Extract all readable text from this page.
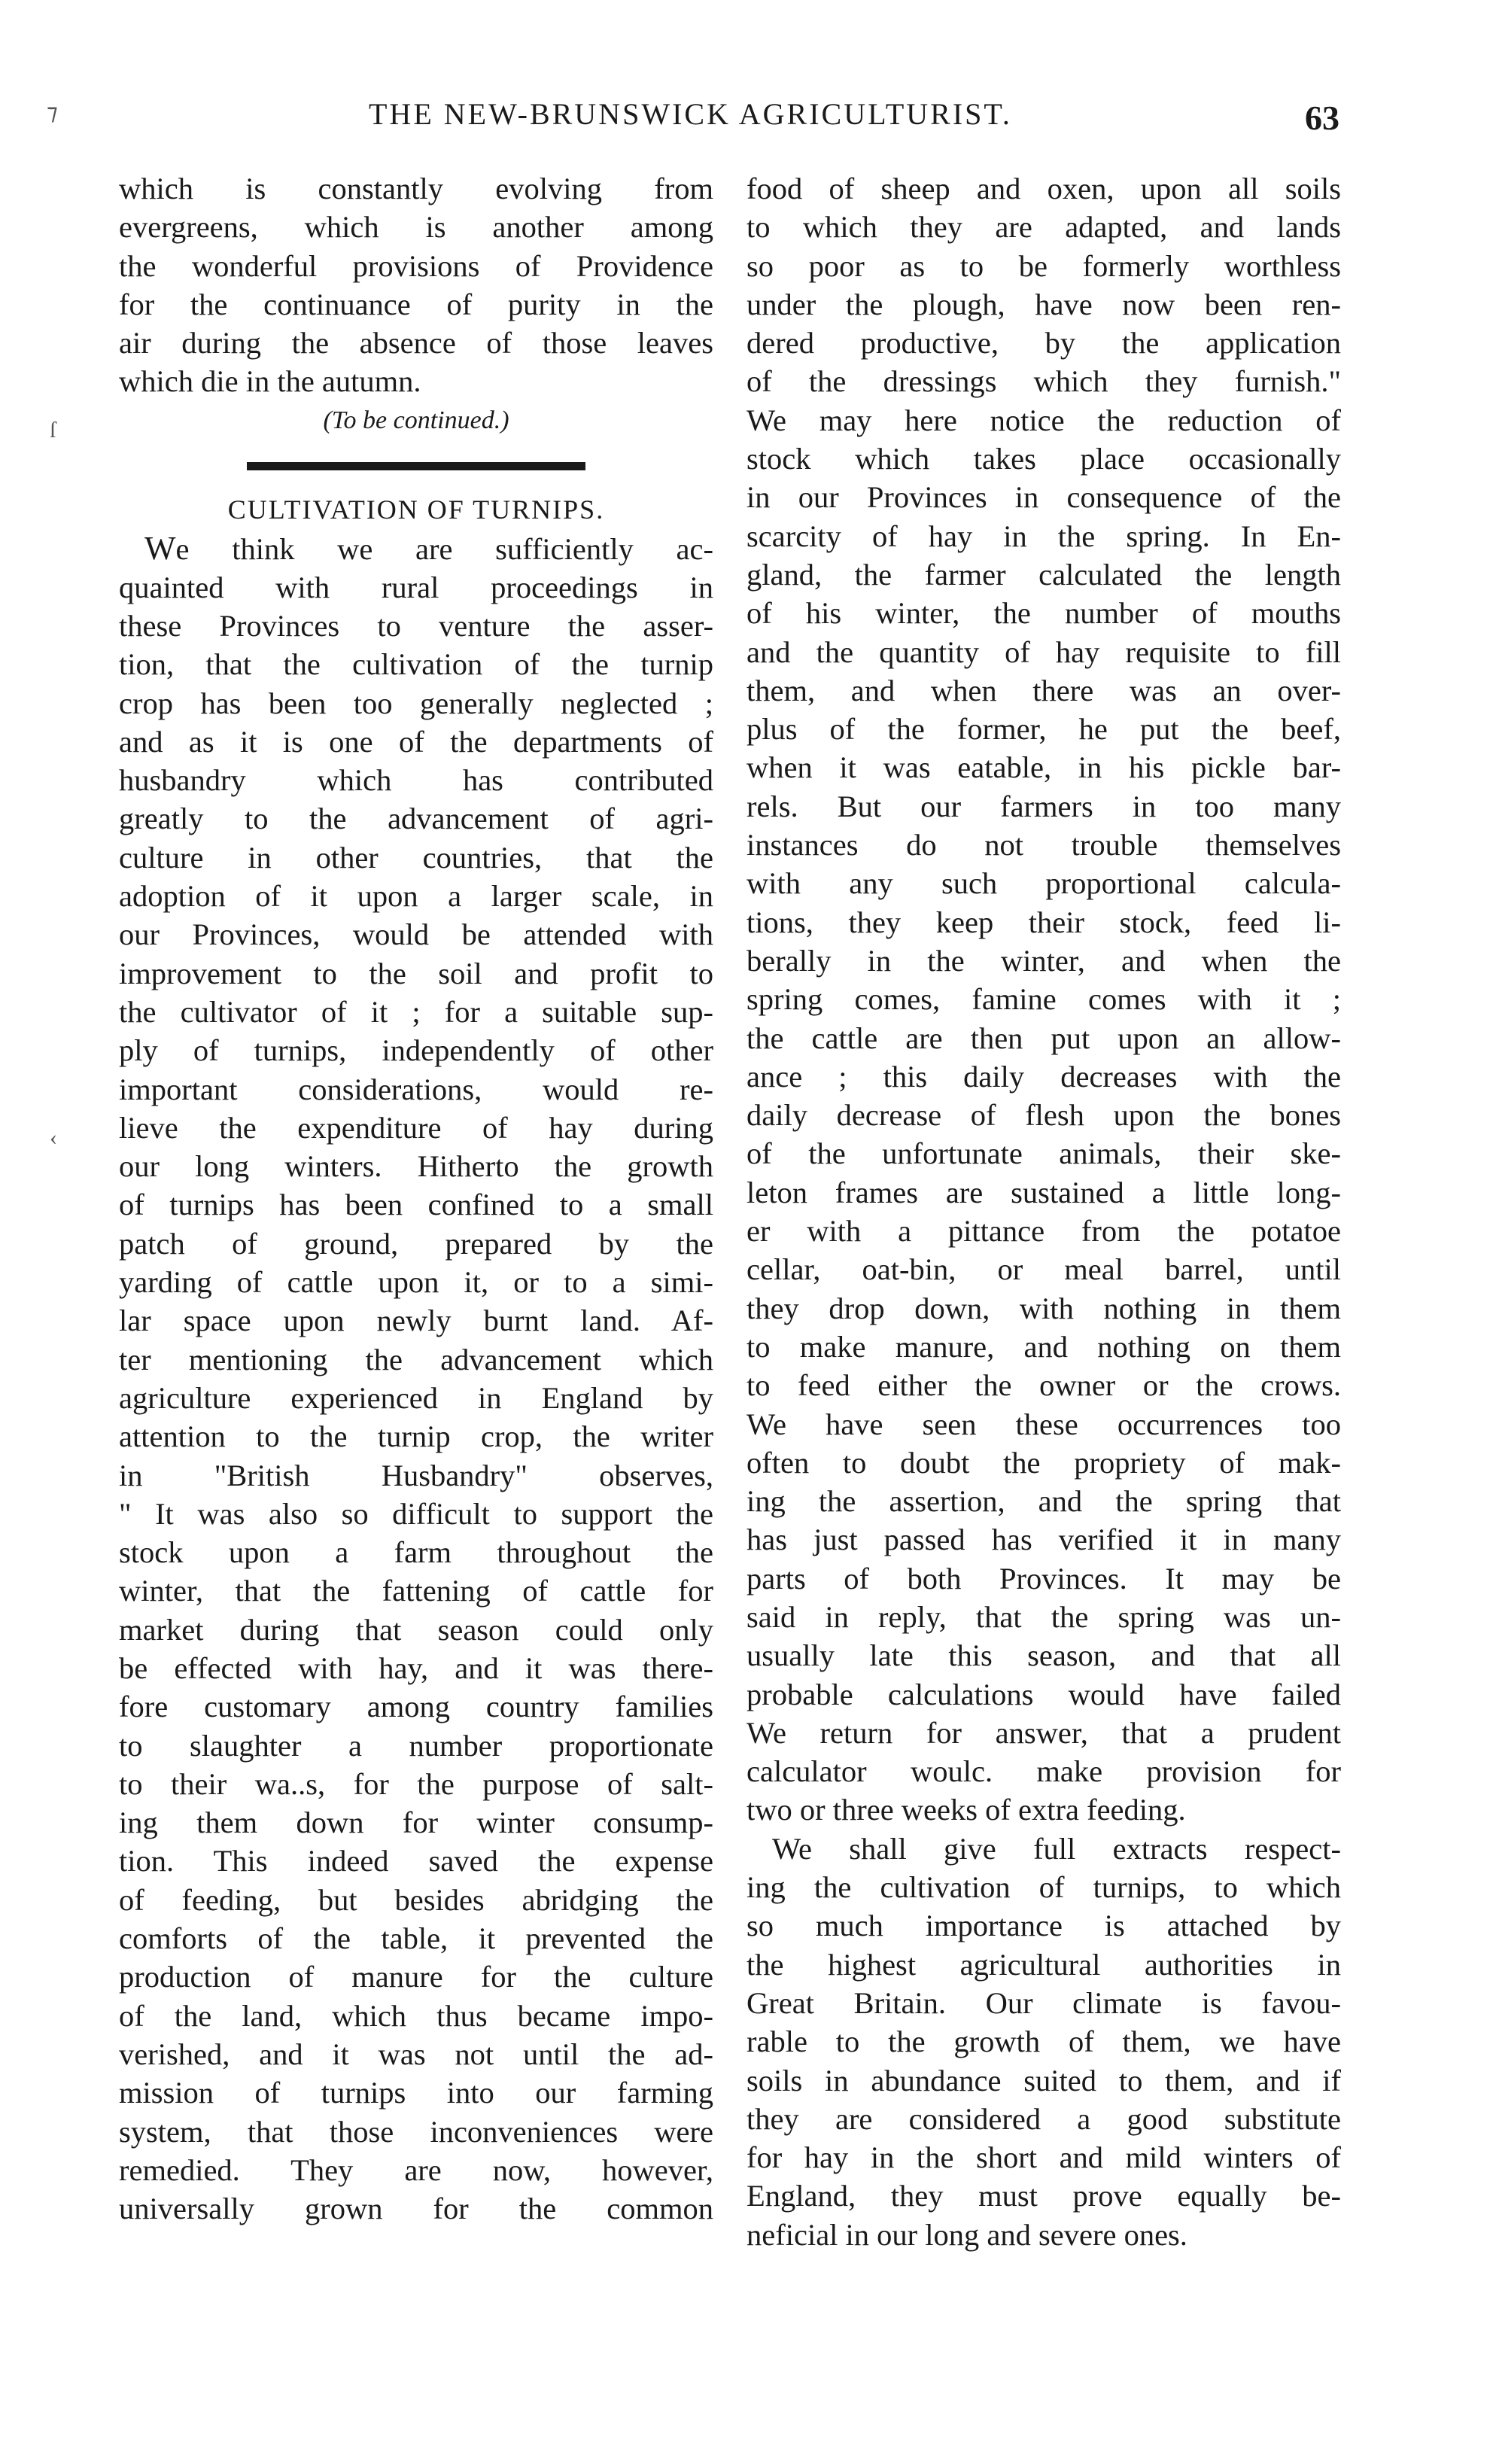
THE NEW-BRUNSWICK AGRICULTURIST.	63
⁊
ſ
‹
which is constantly evolving from
evergreens, which is another among
the wonderful provisions of Providence
for the continuance of purity in the
air during the absence of those leaves
which die in the autumn.
(To be continued.)
CULTIVATION OF TURNIPS.
We think we are sufficiently ac-
quainted with rural proceedings in
these Provinces to venture the asser-
tion, that the cultivation of the turnip
crop has been too generally neglected ;
and as it is one of the departments of
husbandry which has contributed
greatly to the advancement of agri-
culture in other countries, that the
adoption of it upon a larger scale, in
our Provinces, would be attended with
improvement to the soil and profit to
the cultivator of it ; for a suitable sup-
ply of turnips, independently of other
important considerations, would re-
lieve the expenditure of hay during
our long winters. Hitherto the growth
of turnips has been confined to a small
patch of ground, prepared by the
yarding of cattle upon it, or to a simi-
lar space upon newly burnt land. Af-
ter mentioning the advancement which
agriculture experienced in England by
attention to the turnip crop, the writer
in "British Husbandry" observes,
" It was also so difficult to support the
stock upon a farm throughout the
winter, that the fattening of cattle for
market during that season could only
be effected with hay, and it was there-
fore customary among country families
to slaughter a number proportionate
to their wa..s, for the purpose of salt-
ing them down for winter consump-
tion. This indeed saved the expense
of feeding, but besides abridging the
comforts of the table, it prevented the
production of manure for the culture
of the land, which thus became impo-
verished, and it was not until the ad-
mission of turnips into our farming
system, that those inconveniences were
remedied. They are now, however,
universally grown for the common
food of sheep and oxen, upon all soils
to which they are adapted, and lands
so poor as to be formerly worthless
under the plough, have now been ren-
dered productive, by the application
of the dressings which they furnish."
We may here notice the reduction of
stock which takes place occasionally
in our Provinces in consequence of the
scarcity of hay in the spring. In En-
gland, the farmer calculated the length
of his winter, the number of mouths
and the quantity of hay requisite to fill
them, and when there was an over-
plus of the former, he put the beef,
when it was eatable, in his pickle bar-
rels. But our farmers in too many
instances do not trouble themselves
with any such proportional calcula-
tions, they keep their stock, feed li-
berally in the winter, and when the
spring comes, famine comes with it ;
the cattle are then put upon an allow-
ance ; this daily decreases with the
daily decrease of flesh upon the bones
of the unfortunate animals, their ske-
leton frames are sustained a little long-
er with a pittance from the potatoe
cellar, oat-bin, or meal barrel, until
they drop down, with nothing in them
to make manure, and nothing on them
to feed either the owner or the crows.
We have seen these occurrences too
often to doubt the propriety of mak-
ing the assertion, and the spring that
has just passed has verified it in many
parts of both Provinces. It may be
said in reply, that the spring was un-
usually late this season, and that all
probable calculations would have failed
We return for answer, that a prudent
calculator woulc. make provision for
two or three weeks of extra feeding.
We shall give full extracts respect-
ing the cultivation of turnips, to which
so much importance is attached by
the highest agricultural authorities in
Great Britain. Our climate is favou-
rable to the growth of them, we have
soils in abundance suited to them, and if
they are considered a good substitute
for hay in the short and mild winters of
England, they must prove equally be-
neficial in our long and severe ones.
